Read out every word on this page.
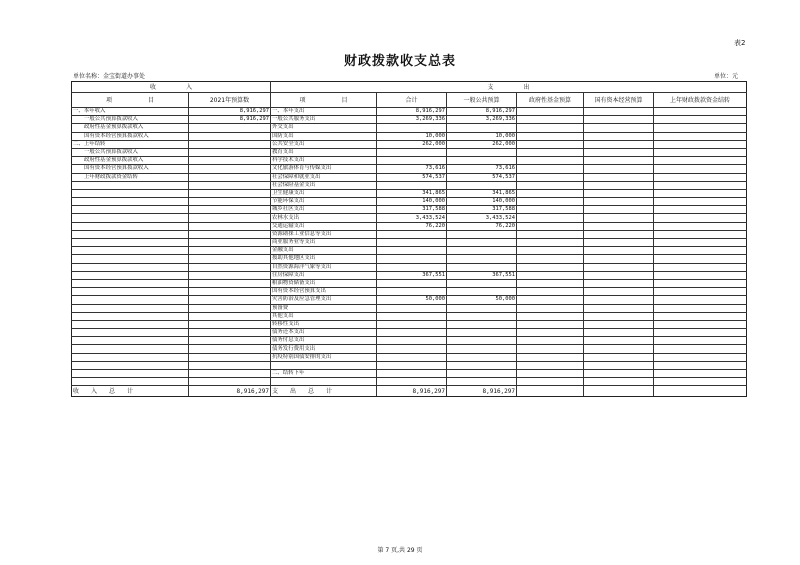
表2
财政拨款收支总表
单位名称：金宝街道办事处	单位：元
收　　　　　入		支　　　　　出					
项　　　　　　目	2021年预算数	项　　　　　　目	合计	一般公共预算	政府性基金预算	国有资本经营预算	上年财政拨款资金结转
一、本年收入	8,916,297	一、本年支出	8,916,297	8,916,297			
一般公共预算拨款收入	8,916,297	一般公共服务支出	3,269,336	3,269,336			
政府性基金预算拨款收入		外交支出					
国有资本经营预算拨款收入		国防支出	10,000	10,000			
二、上年结转		公共安全支出	262,000	262,000			
一般公共预算拨款收入		教育支出					
政府性基金预算拨款收入		科学技术支出					
国有资本经营预算拨款收入		文化旅游体育与传媒支出	73,616	73,616			
上年财政拨款资金结转		社会保障和就业支出	574,537	574,537			
		社会保险基金支出					
		卫生健康支出	341,865	341,865			
		节能环保支出	140,000	140,000			
		城乡社区支出	317,588	317,588			
		农林水支出	3,433,524	3,433,524			
		交通运输支出	76,220	76,220			
		资源勘探工业信息等支出					
		商业服务业等支出					
		金融支出					
		援助其他地区支出					
		自然资源海洋气象等支出					
		住房保障支出	367,551	367,551			
		粮油物资储备支出					
		国有资本经营预算支出					
		灾害防治及应急管理支出	50,000	50,000			
		预备费					
		其他支出					
		转移性支出					
		债务还本支出					
		债务付息支出					
		债务发行费用支出					
		抗疫特别国债安排的支出					

		二、结转下年					

收　　入　　总　　计	8,916,297	支　　出　　总　　计	8,916,297	8,916,297			
第 7 页,共 29 页
